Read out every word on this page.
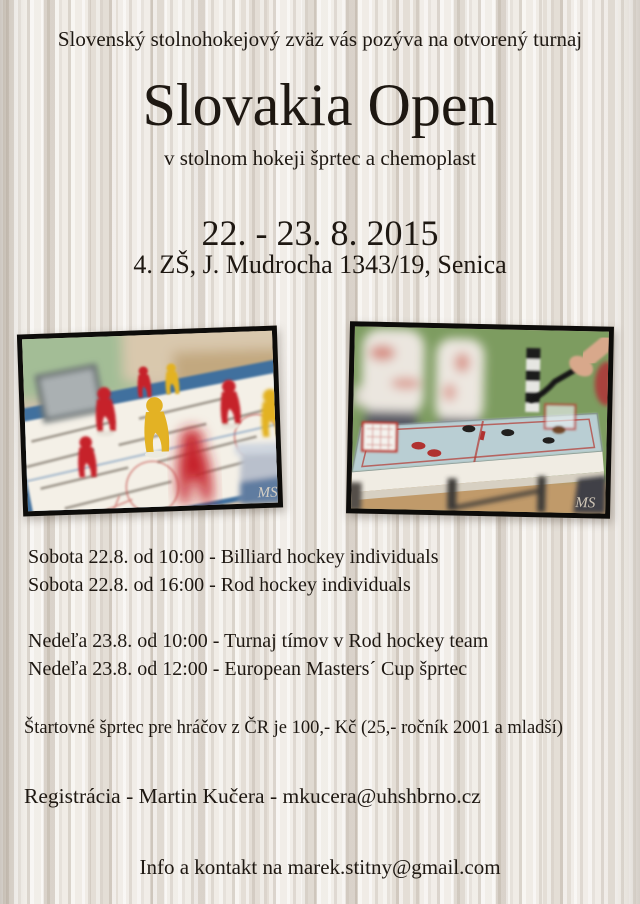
Slovenský stolnohokejový zväz vás pozýva na otvorený turnaj
Slovakia Open
v stolnom hokeji šprtec a chemoplast
22. - 23. 8. 2015
4. ZŠ, J. Mudrocha 1343/19, Senica
MS
MS
Sobota 22.8. od 10:00 - Billiard hockey individuals
Sobota 22.8. od 16:00 - Rod hockey individuals
Nedeľa 23.8. od 10:00 - Turnaj tímov v Rod hockey team
Nedeľa 23.8. od 12:00 - European Masters´ Cup šprtec
Štartovné šprtec pre hráčov z ČR je 100,- Kč (25,- ročník 2001 a mladší)
Registrácia - Martin Kučera - mkucera@uhshbrno.cz
Info a kontakt na marek.stitny@gmail.com
